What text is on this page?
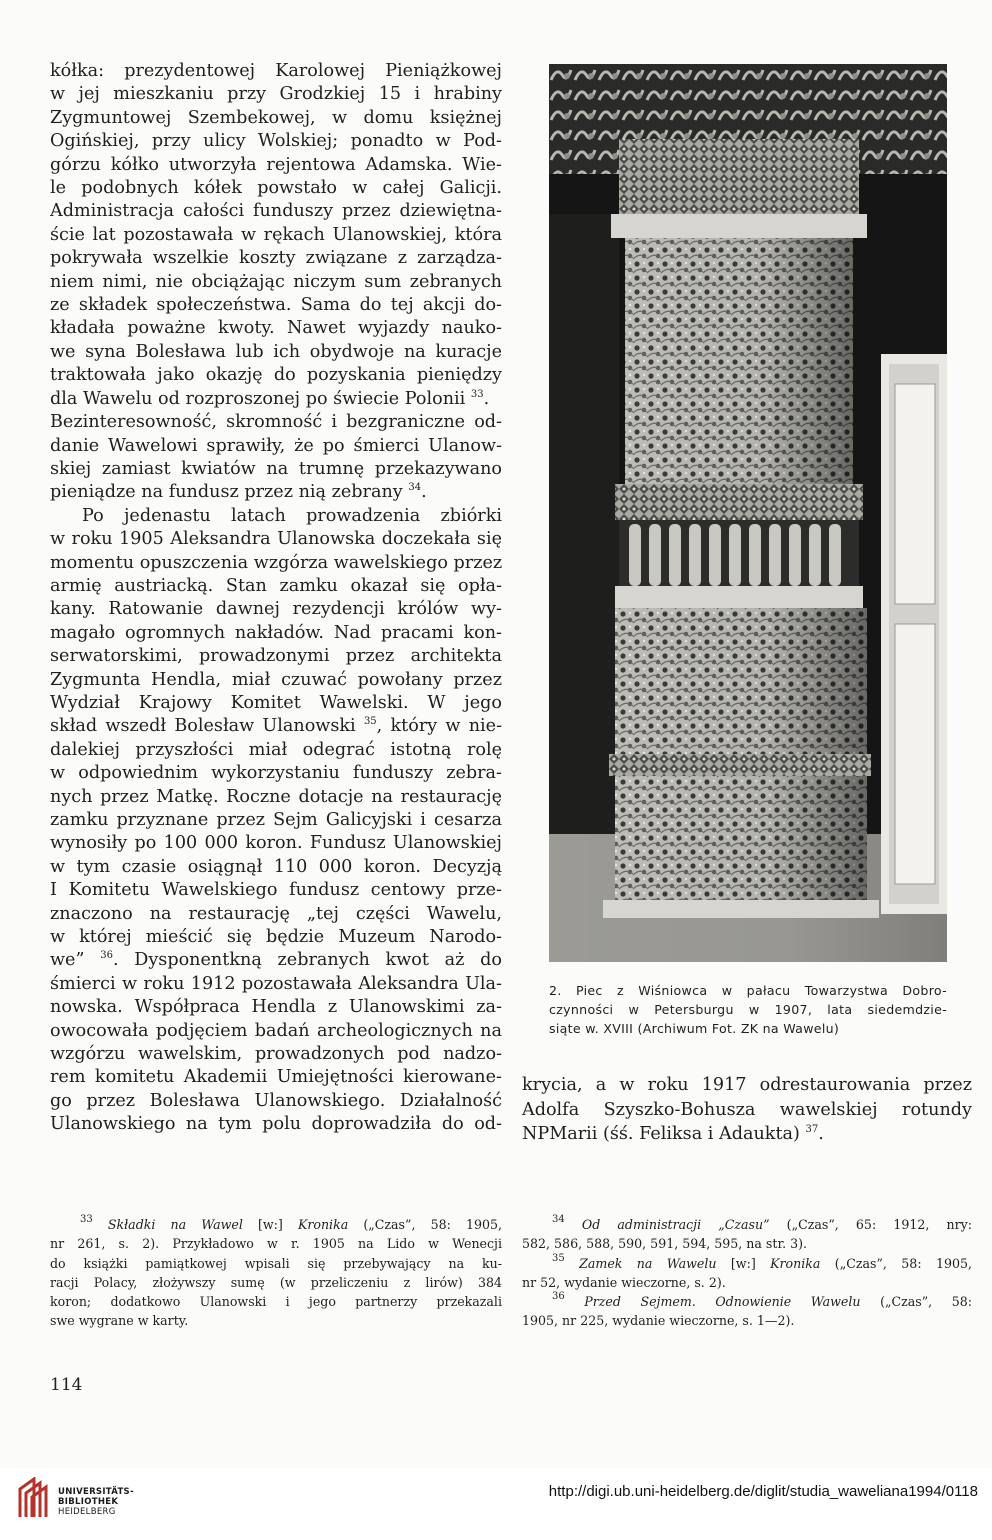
kółka: prezydentowej Karolowej Pieniążkowej
w jej mieszkaniu przy Grodzkiej 15 i hrabiny
Zygmuntowej Szembekowej, w domu księżnej
Ogińskiej, przy ulicy Wolskiej; ponadto w Pod-
górzu kółko utworzyła rejentowa Adamska. Wie-
le podobnych kółek powstało w całej Galicji.
Administracja całości funduszy przez dziewiętna-
ście lat pozostawała w rękach Ulanowskiej, która
pokrywała wszelkie koszty związane z zarządza-
niem nimi, nie obciążając niczym sum zebranych
ze składek społeczeństwa. Sama do tej akcji do-
kładała poważne kwoty. Nawet wyjazdy nauko-
we syna Bolesława lub ich obydwoje na kuracje
traktowała jako okazję do pozyskania pieniędzy
dla Wawelu od rozproszonej po świecie Polonii $^{33}$.
Bezinteresowność, skromność i bezgraniczne od-
danie Wawelowi sprawiły, że po śmierci Ulanow-
skiej zamiast kwiatów na trumnę przekazywano
pieniądze na fundusz przez nią zebrany $^{34}$.
Po jedenastu latach prowadzenia zbiórki
w roku 1905 Aleksandra Ulanowska doczekała się
momentu opuszczenia wzgórza wawelskiego przez
armię austriacką. Stan zamku okazał się opła-
kany. Ratowanie dawnej rezydencji królów wy-
magało ogromnych nakładów. Nad pracami kon-
serwatorskimi, prowadzonymi przez architekta
Zygmunta Hendla, miał czuwać powołany przez
Wydział Krajowy Komitet Wawelski. W jego
skład wszedł Bolesław Ulanowski $^{35}$, który w nie-
dalekiej przyszłości miał odegrać istotną rolę
w odpowiednim wykorzystaniu funduszy zebra-
nych przez Matkę. Roczne dotacje na restaurację
zamku przyznane przez Sejm Galicyjski i cesarza
wynosiły po 100 000 koron. Fundusz Ulanowskiej
w tym czasie osiągnął 110 000 koron. Decyzją
I Komitetu Wawelskiego fundusz centowy prze-
znaczono na restaurację „tej części Wawelu,
w której mieścić się będzie Muzeum Narodo-
we” $^{36}$. Dysponentkną zebranych kwot aż do
śmierci w roku 1912 pozostawała Aleksandra Ula-
nowska. Współpraca Hendla z Ulanowskimi za-
owocowała podjęciem badań archeologicznych na
wzgórzu wawelskim, prowadzonych pod nadzo-
rem komitetu Akademii Umiejętności kierowane-
go przez Bolesława Ulanowskiego. Działalność
Ulanowskiego na tym polu doprowadziła do od-
2. Piec z Wiśniowca w pałacu Towarzystwa Dobro-
czynności w Petersburgu w 1907, lata siedemdzie-
siąte w. XVIII (Archiwum Fot. ZK na Wawelu)
krycia, a w roku 1917 odrestaurowania przez
Adolfa Szyszko-Bohusza wawelskiej rotundy
NPMarii (śś. Feliksa i Adaukta) $^{37}$.
$^{33}$ Składki na Wawel [w:] Kronika („Czas”, 58: 1905,
nr 261, s. 2). Przykładowo w r. 1905 na Lido w Wenecji
do książki pamiątkowej wpisali się przebywający na ku-
racji Polacy, złożywszy sumę (w przeliczeniu z lirów) 384
koron; dodatkowo Ulanowski i jego partnerzy przekazali
swe wygrane w karty.
$^{34}$ Od administracji „Czasu” („Czas”, 65: 1912, nry:
582, 586, 588, 590, 591, 594, 595, na str. 3).
$^{35}$ Zamek na Wawelu [w:] Kronika („Czas”, 58: 1905,
nr 52, wydanie wieczorne, s. 2).
$^{36}$ Przed Sejmem. Odnowienie Wawelu („Czas”, 58:
1905, nr 225, wydanie wieczorne, s. 1—2).
114
UNIVERSITÄTS-
BIBLIOTHEK
HEIDELBERG
http://digi.ub.uni-heidelberg.de/diglit/studia_waweliana1994/0118
